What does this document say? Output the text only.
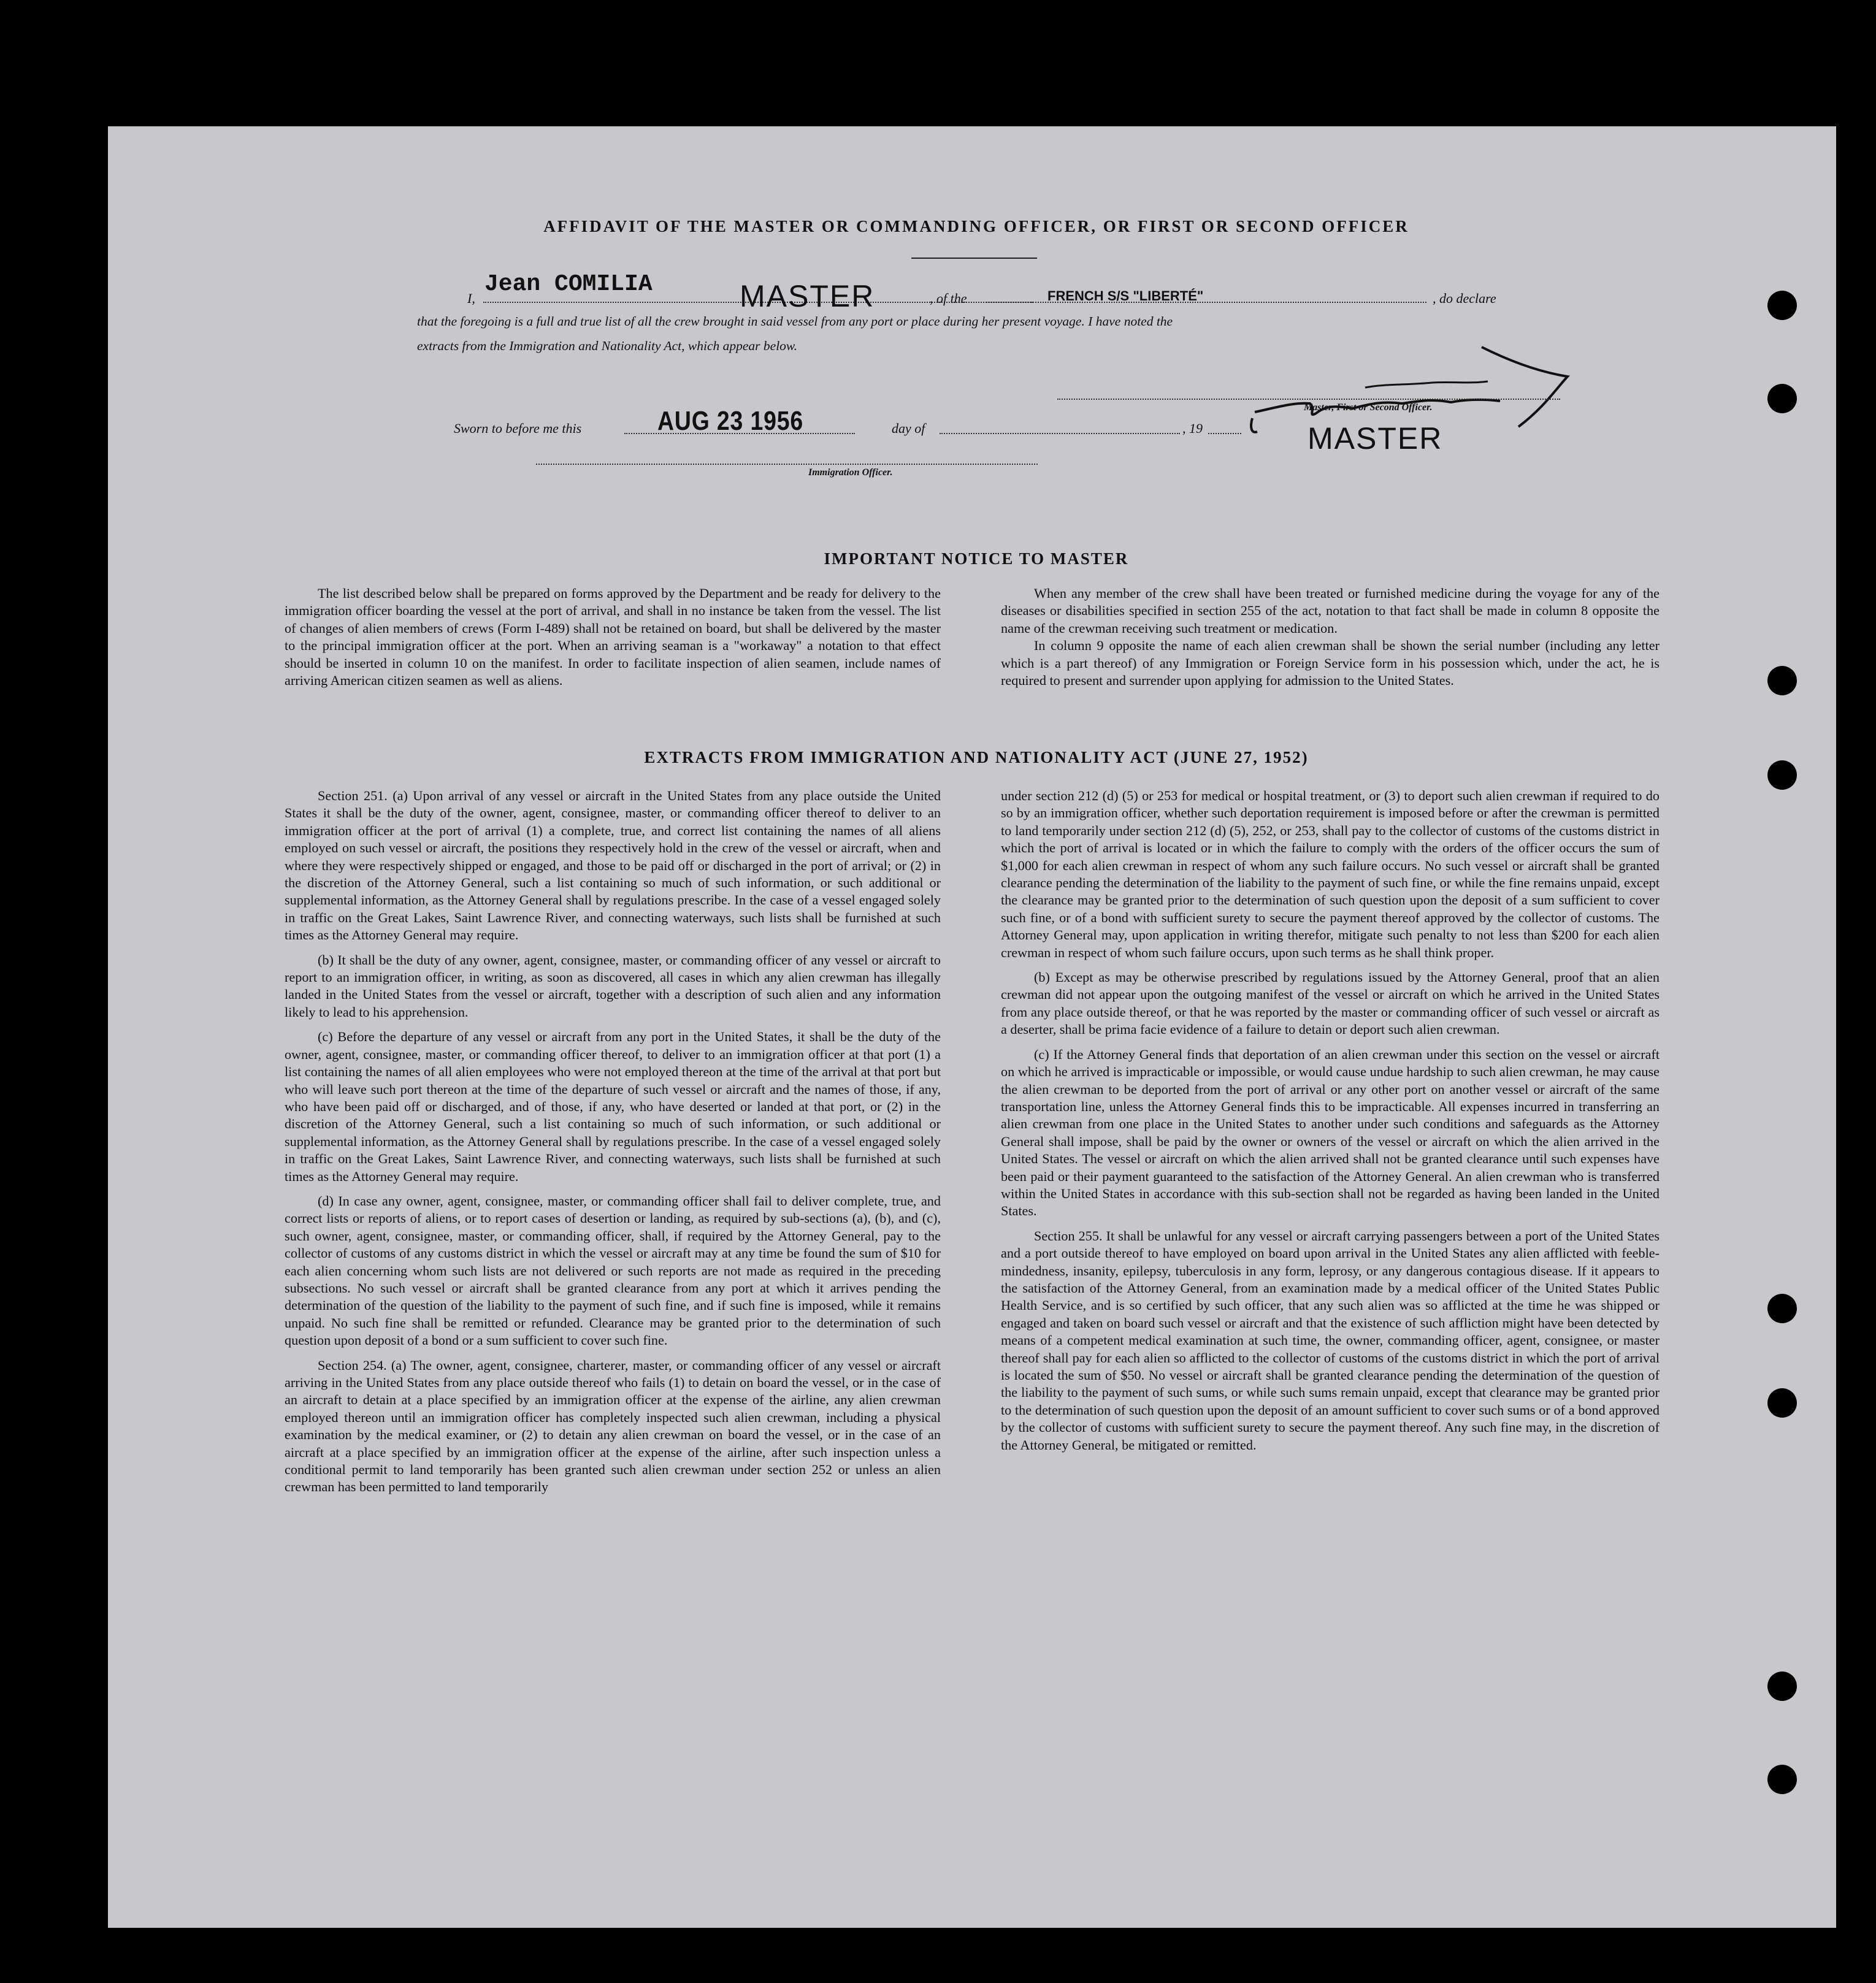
AFFIDAVIT OF THE MASTER OR COMMANDING OFFICER, OR FIRST OR SECOND OFFICER
I,
Jean COMILIA	MASTER	, of the	FRENCH S/S "LIBERTÉ"	, do declare
that the foregoing is a full and true list of all the crew brought in said vessel from any port or place during her present voyage. I have noted the
extracts from the Immigration and Nationality Act, which appear below.
Master, First or Second Officer.
MASTER
Sworn to before me this	AUG 23 1956	day of	, 19
Immigration Officer.
IMPORTANT NOTICE TO MASTER

The list described below shall be prepared on forms approved by the Department and be ready for delivery to the immigration officer boarding the vessel at the port of arrival, and shall in no instance be taken from the vessel. The list of changes of alien members of crews (Form I-489) shall not be retained on board, but shall be delivered by the master to the principal immigration officer at the port. When an arriving seaman is a "workaway" a notation to that effect should be inserted in column 10 on the manifest. In order to facilitate inspection of alien seamen, include names of arriving American citizen seamen as well as aliens.

When any member of the crew shall have been treated or furnished medicine during the voyage for any of the diseases or disabilities specified in section 255 of the act, notation to that fact shall be made in column 8 opposite the name of the crewman receiving such treatment or medication.

In column 9 opposite the name of each alien crewman shall be shown the serial number (including any letter which is a part thereof) of any Immigration or Foreign Service form in his possession which, under the act, he is required to present and surrender upon applying for admission to the United States.

EXTRACTS FROM IMMIGRATION AND NATIONALITY ACT (JUNE 27, 1952)

Section 251. (a) Upon arrival of any vessel or aircraft in the United States from any place outside the United States it shall be the duty of the owner, agent, consignee, master, or commanding officer thereof to deliver to an immigration officer at the port of arrival (1) a complete, true, and correct list containing the names of all aliens employed on such vessel or aircraft, the positions they respectively hold in the crew of the vessel or aircraft, when and where they were respectively shipped or engaged, and those to be paid off or discharged in the port of arrival; or (2) in the discretion of the Attorney General, such a list containing so much of such information, or such additional or supplemental information, as the Attorney General shall by regulations prescribe. In the case of a vessel engaged solely in traffic on the Great Lakes, Saint Lawrence River, and connecting waterways, such lists shall be furnished at such times as the Attorney General may require.

(b) It shall be the duty of any owner, agent, consignee, master, or commanding officer of any vessel or aircraft to report to an immigration officer, in writing, as soon as discovered, all cases in which any alien crewman has illegally landed in the United States from the vessel or aircraft, together with a description of such alien and any information likely to lead to his apprehension.

(c) Before the departure of any vessel or aircraft from any port in the United States, it shall be the duty of the owner, agent, consignee, master, or commanding officer thereof, to deliver to an immigration officer at that port (1) a list containing the names of all alien employees who were not employed thereon at the time of the arrival at that port but who will leave such port thereon at the time of the departure of such vessel or aircraft and the names of those, if any, who have been paid off or discharged, and of those, if any, who have deserted or landed at that port, or (2) in the discretion of the Attorney General, such a list containing so much of such information, or such additional or supplemental information, as the Attorney General shall by regulations prescribe. In the case of a vessel engaged solely in traffic on the Great Lakes, Saint Lawrence River, and connecting waterways, such lists shall be furnished at such times as the Attorney General may require.

(d) In case any owner, agent, consignee, master, or commanding officer shall fail to deliver complete, true, and correct lists or reports of aliens, or to report cases of desertion or landing, as required by sub-sections (a), (b), and (c), such owner, agent, consignee, master, or commanding officer, shall, if required by the Attorney General, pay to the collector of customs of any customs district in which the vessel or aircraft may at any time be found the sum of $10 for each alien concerning whom such lists are not delivered or such reports are not made as required in the preceding subsections. No such vessel or aircraft shall be granted clearance from any port at which it arrives pending the determination of the question of the liability to the payment of such fine, and if such fine is imposed, while it remains unpaid. No such fine shall be remitted or refunded. Clearance may be granted prior to the determination of such question upon deposit of a bond or a sum sufficient to cover such fine.

Section 254. (a) The owner, agent, consignee, charterer, master, or commanding officer of any vessel or aircraft arriving in the United States from any place outside thereof who fails (1) to detain on board the vessel, or in the case of an aircraft to detain at a place specified by an immigration officer at the expense of the airline, any alien crewman employed thereon until an immigration officer has completely inspected such alien crewman, including a physical examination by the medical examiner, or (2) to detain any alien crewman on board the vessel, or in the case of an aircraft at a place specified by an immigration officer at the expense of the airline, after such inspection unless a conditional permit to land temporarily has been granted such alien crewman under section 252 or unless an alien crewman has been permitted to land temporarily

under section 212 (d) (5) or 253 for medical or hospital treatment, or (3) to deport such alien crewman if required to do so by an immigration officer, whether such deportation requirement is imposed before or after the crewman is permitted to land temporarily under section 212 (d) (5), 252, or 253, shall pay to the collector of customs of the customs district in which the port of arrival is located or in which the failure to comply with the orders of the officer occurs the sum of $1,000 for each alien crewman in respect of whom any such failure occurs. No such vessel or aircraft shall be granted clearance pending the determination of the liability to the payment of such fine, or while the fine remains unpaid, except the clearance may be granted prior to the determination of such question upon the deposit of a sum sufficient to cover such fine, or of a bond with sufficient surety to secure the payment thereof approved by the collector of customs. The Attorney General may, upon application in writing therefor, mitigate such penalty to not less than $200 for each alien crewman in respect of whom such failure occurs, upon such terms as he shall think proper.

(b) Except as may be otherwise prescribed by regulations issued by the Attorney General, proof that an alien crewman did not appear upon the outgoing manifest of the vessel or aircraft on which he arrived in the United States from any place outside thereof, or that he was reported by the master or commanding officer of such vessel or aircraft as a deserter, shall be prima facie evidence of a failure to detain or deport such alien crewman.

(c) If the Attorney General finds that deportation of an alien crewman under this section on the vessel or aircraft on which he arrived is impracticable or impossible, or would cause undue hardship to such alien crewman, he may cause the alien crewman to be deported from the port of arrival or any other port on another vessel or aircraft of the same transportation line, unless the Attorney General finds this to be impracticable. All expenses incurred in transferring an alien crewman from one place in the United States to another under such conditions and safeguards as the Attorney General shall impose, shall be paid by the owner or owners of the vessel or aircraft on which the alien arrived in the United States. The vessel or aircraft on which the alien arrived shall not be granted clearance until such expenses have been paid or their payment guaranteed to the satisfaction of the Attorney General. An alien crewman who is transferred within the United States in accordance with this sub-section shall not be regarded as having been landed in the United States.

Section 255. It shall be unlawful for any vessel or aircraft carrying passengers between a port of the United States and a port outside thereof to have employed on board upon arrival in the United States any alien afflicted with feeble-mindedness, insanity, epilepsy, tuberculosis in any form, leprosy, or any dangerous contagious disease. If it appears to the satisfaction of the Attorney General, from an examination made by a medical officer of the United States Public Health Service, and is so certified by such officer, that any such alien was so afflicted at the time he was shipped or engaged and taken on board such vessel or aircraft and that the existence of such affliction might have been detected by means of a competent medical examination at such time, the owner, commanding officer, agent, consignee, or master thereof shall pay for each alien so afflicted to the collector of customs of the customs district in which the port of arrival is located the sum of $50. No vessel or aircraft shall be granted clearance pending the determination of the question of the liability to the payment of such sums, or while such sums remain unpaid, except that clearance may be granted prior to the determination of such question upon the deposit of an amount sufficient to cover such sums or of a bond approved by the collector of customs with sufficient surety to secure the payment thereof. Any such fine may, in the discretion of the Attorney General, be mitigated or remitted.
